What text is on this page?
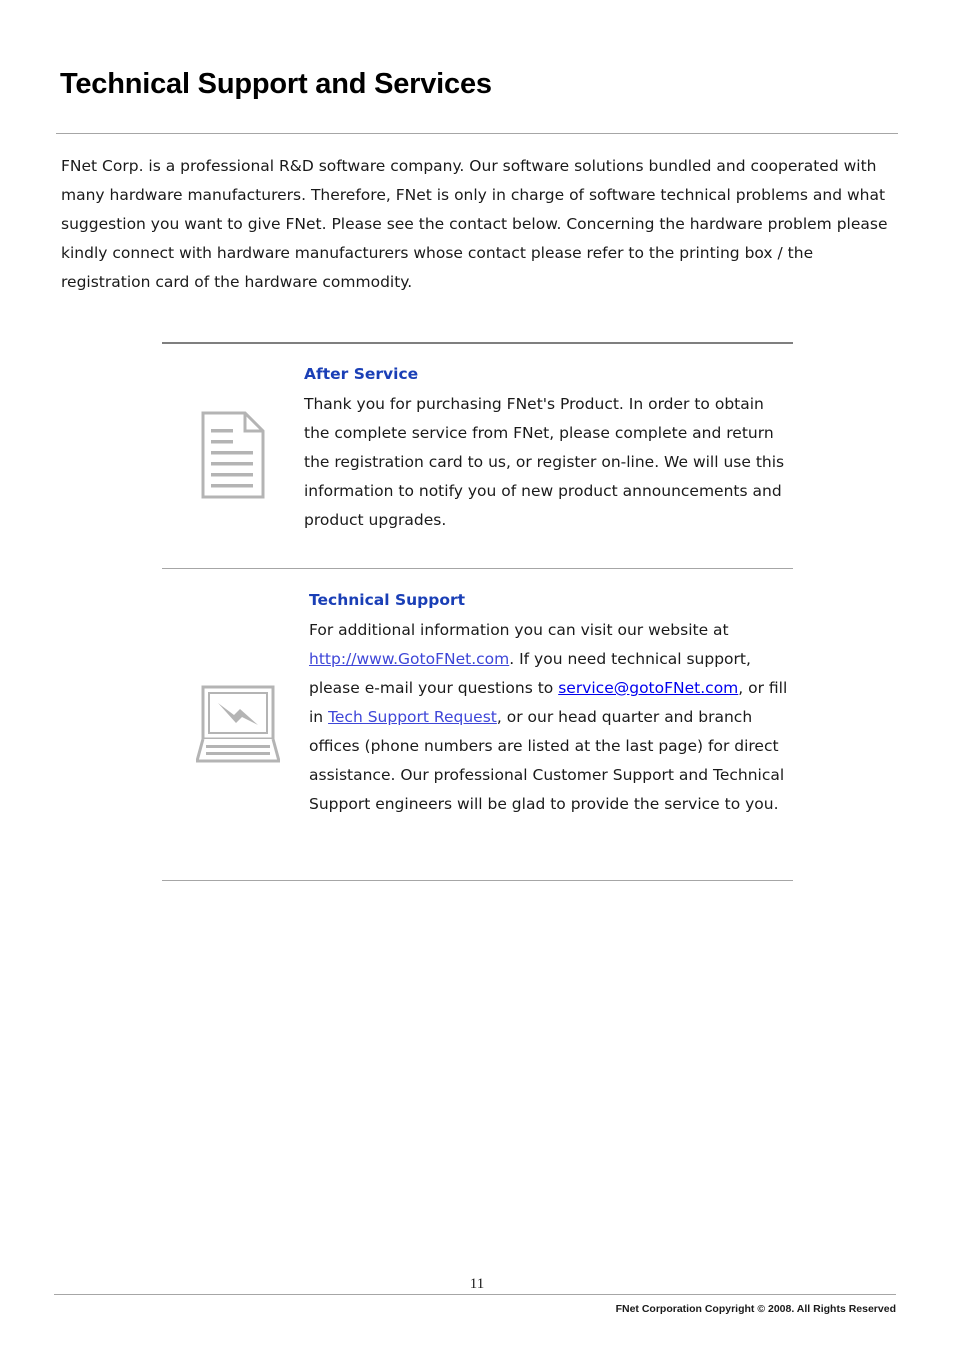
Technical Support and Services

FNet Corp. is a professional R&D software company. Our software solutions bundled and cooperated with many hardware manufacturers. Therefore, FNet is only in charge of software technical problems and what suggestion you want to give FNet. Please see the contact below. Concerning the hardware problem please kindly connect with hardware manufacturers whose contact please refer to the printing box / the registration card of the hardware commodity.

After Service

Thank you for purchasing FNet's Product. In order to obtain the complete service from FNet, please complete and return the registration card to us, or register on-line. We will use this information to notify you of new product announcements and product upgrades.

Technical Support

For additional information you can visit our website at
http://www.GotoFNet.com. If you need technical support, please e-mail your questions to service@gotoFNet.com, or fill in Tech Support Request, or our head quarter and branch offices (phone numbers are listed at the last page) for direct assistance. Our professional Customer Support and Technical Support engineers will be glad to provide the service to you.

11
FNet Corporation Copyright © 2008. All Rights Reserved
